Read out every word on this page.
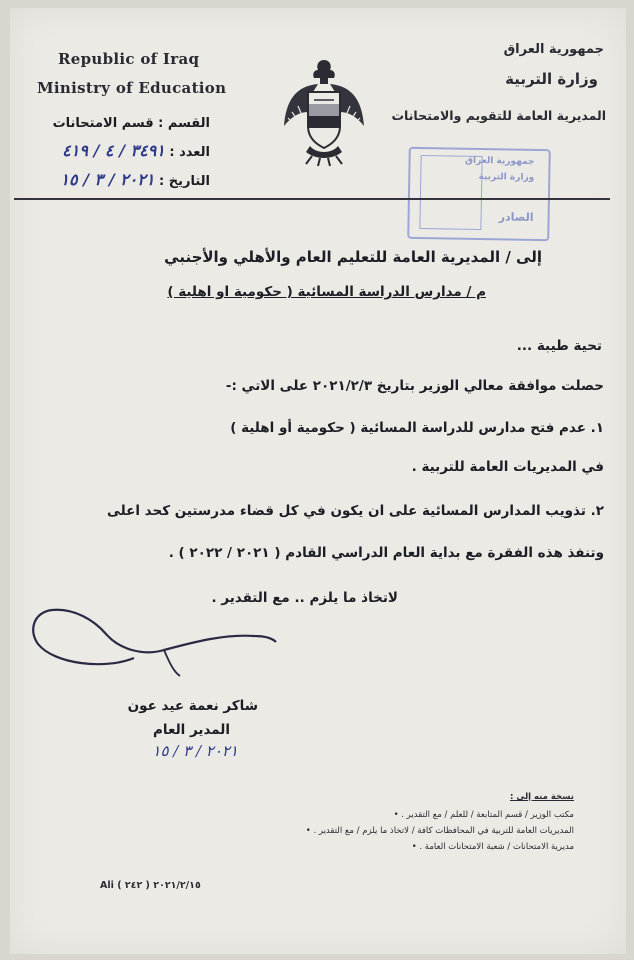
Republic of Iraq
Ministry of Education
جمهورية العراق
وزارة التربية
المديرية العامة للتقويم والامتحانات
القسم : قسم الامتحانات
العدد : ٣٤٩١ / ٤ / ٤١٩
التاريخ : ٢٠٢١ / ٣ / ١٥
جمهورية العراق
وزارة التربية
الصادر
إلى / المديرية العامة للتعليم العام والأهلي والأجنبي
م / مدارس الدراسة المسائية ( حكومية او اهلية )
تحية طيبة ...
حصلت موافقة معالي الوزير بتاريخ ٢٠٢١/٢/٣ على الاتي :-
١. عدم فتح مدارس للدراسة المسائية ( حكومية أو اهلية )
في المديريات العامة للتربية .
٢. تذويب المدارس المسائية على ان يكون في كل قضاء مدرستين كحد اعلى
وتنفذ هذه الفقرة مع بداية العام الدراسي القادم ( ٢٠٢١ / ٢٠٢٢ ) .
لاتخاذ ما يلزم .. مع التقدير .
شاكر نعمة عيد عون
المدير العام
٢٠٢١ / ٣ / ١٥
نسخة منه إلى :
مكتب الوزير / قسم المتابعة / للعلم / مع التقدير . •
المديريات العامة للتربية في المحافظات كافة / لاتخاذ ما يلزم / مع التقدير . •
مديرية الامتحانات / شعبة الامتحانات العامة . •
Ali ٢٠٢١/٢/١٥ ( ٢٤٢ )
